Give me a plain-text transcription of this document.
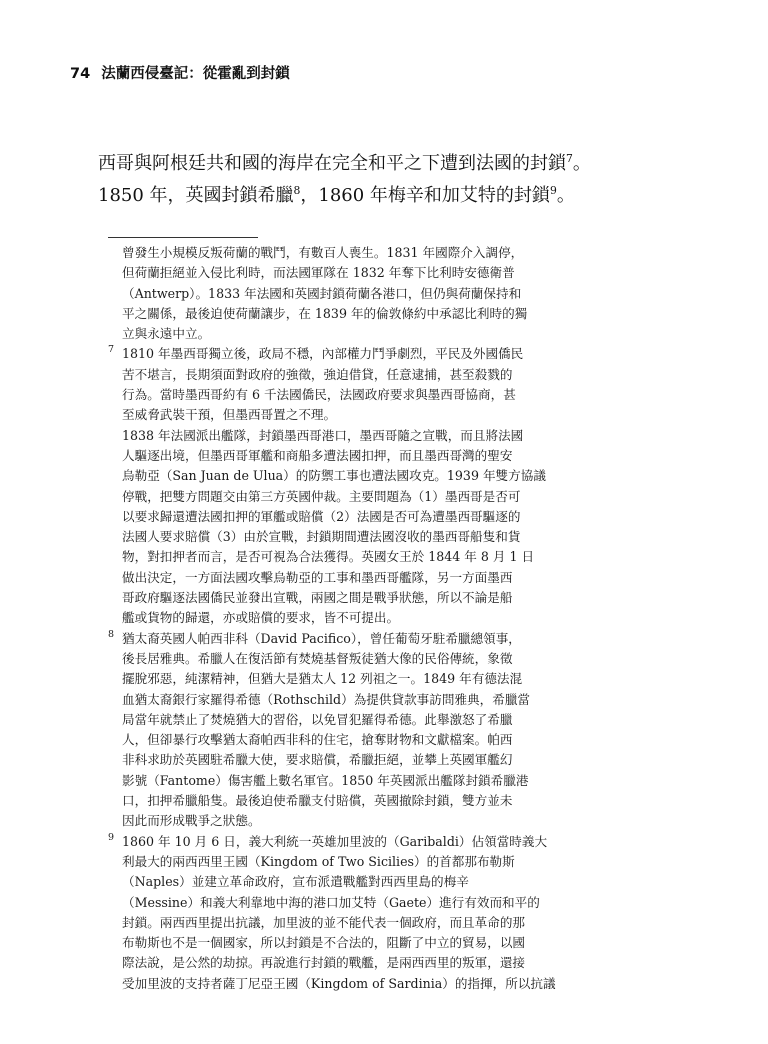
74 法蘭西侵臺記：從霍亂到封鎖

西哥與阿根廷共和國的海岸在完全和平之下遭到法國的封鎖$^7$。

1850 年，英國封鎖希臘$^8$，1860 年梅辛和加艾特的封鎖$^9$。

曾發生小規模反叛荷蘭的戰鬥，有數百人喪生。1831 年國際介入調停，
但荷蘭拒絕並入侵比利時，而法國軍隊在 1832 年奪下比利時安德衛普
（Antwerp）。1833 年法國和英國封鎖荷蘭各港口，但仍與荷蘭保持和
平之關係，最後迫使荷蘭讓步，在 1839 年的倫敦條約中承認比利時的獨
立與永遠中立。
7 1810 年墨西哥獨立後，政局不穩，內部權力鬥爭劇烈，平民及外國僑民
苦不堪言，長期須面對政府的強徵，強迫借貸，任意逮捕，甚至殺戮的
行為。當時墨西哥約有 6 千法國僑民，法國政府要求與墨西哥協商，甚
至威脅武裝干預，但墨西哥置之不理。
1838 年法國派出艦隊，封鎖墨西哥港口，墨西哥隨之宣戰，而且將法國
人驅逐出境，但墨西哥軍艦和商船多遭法國扣押，而且墨西哥灣的聖安
烏勒亞（San Juan de Ulua）的防禦工事也遭法國攻克。1939 年雙方協議
停戰，把雙方問題交由第三方英國仲裁。主要問題為（1）墨西哥是否可
以要求歸還遭法國扣押的軍艦或賠償（2）法國是否可為遭墨西哥驅逐的
法國人要求賠償（3）由於宣戰，封鎖期間遭法國沒收的墨西哥船隻和貨
物，對扣押者而言，是否可視為合法獲得。英國女王於 1844 年 8 月 1 日
做出決定，一方面法國攻擊烏勒亞的工事和墨西哥艦隊，另一方面墨西
哥政府驅逐法國僑民並發出宣戰，兩國之間是戰爭狀態，所以不論是船
艦或貨物的歸還，亦或賠償的要求，皆不可提出。
8 猶太裔英國人帕西非科（David Pacifico），曾任葡萄牙駐希臘總領事，
後長居雅典。希臘人在復活節有焚燒基督叛徒猶大像的民俗傳統，象徵
擺脫邪惡，純潔精神，但猶大是猶太人 12 列祖之一。1849 年有德法混
血猶太裔銀行家羅得希德（Rothschild）為提供貸款事訪問雅典，希臘當
局當年就禁止了焚燒猶大的習俗，以免冒犯羅得希德。此舉激怒了希臘
人，但卻暴行攻擊猶太裔帕西非科的住宅，搶奪財物和文獻檔案。帕西
非科求助於英國駐希臘大使，要求賠償，希臘拒絕，並攀上英國軍艦幻
影號（Fantome）傷害艦上數名軍官。1850 年英國派出艦隊封鎖希臘港
口，扣押希臘船隻。最後迫使希臘支付賠償，英國撤除封鎖，雙方並未
因此而形成戰爭之狀態。
9 1860 年 10 月 6 日，義大利統一英雄加里波的（Garibaldi）佔領當時義大
利最大的兩西西里王國（Kingdom of Two Sicilies）的首都那布勒斯
（Naples）並建立革命政府，宣布派遣戰艦對西西里島的梅辛
（Messine）和義大利靠地中海的港口加艾特（Gaete）進行有效而和平的
封鎖。兩西西里提出抗議，加里波的並不能代表一個政府，而且革命的那
布勒斯也不是一個國家，所以封鎖是不合法的，阻斷了中立的貿易，以國
際法說，是公然的劫掠。再說進行封鎖的戰艦，是兩西西里的叛軍，還接
受加里波的支持者薩丁尼亞王國（Kingdom of Sardinia）的指揮，所以抗議
